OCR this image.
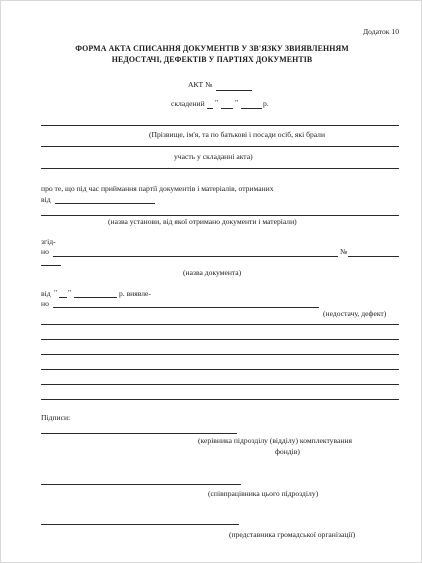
Додаток 10
ФОРМА АКТА СПИСАННЯ ДОКУМЕНТІВ У ЗВ'ЯЗКУ ЗВИЯВЛЕННЯМ
НЕДОСТАЧІ, ДЕФЕКТІВ У ПАРТІЯХ ДОКУМЕНТІВ
АКТ №
складений " "	р.
(Прізвище, ім'я, та по батькові і посади осіб, які брали
участь у складанні акта)
про те, що під час приймання партії документів і матеріалів, отриманих
від
(назва установи, від якої отримано документи і матеріали)
згід-
но	№
(назва документа)
від " "	р. виявле-
но
(недостачу, дефект)
Підписи:
(керівника підрозділу (відділу) комплектування
фондів)
(співпрацівника цього підрозділу)
(представника громадської організації)
